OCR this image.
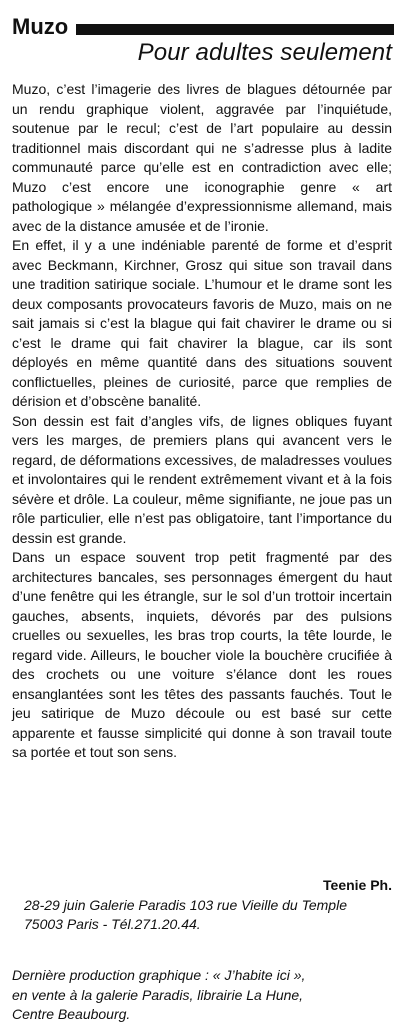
Muzo
Pour adultes seulement

Muzo, c’est l’imagerie des livres de blagues détournée par un rendu graphique violent, aggravée par l’inquiétude, soutenue par le recul; c’est de l’art populaire au dessin traditionnel mais discordant qui ne s’adresse plus à ladite communauté parce qu’elle est en contradiction avec elle; Muzo c’est encore une iconographie genre « art pathologique » mélangée d’expressionnisme allemand, mais avec de la distance amusée et de l’ironie.

En effet, il y a une indéniable parenté de forme et d’esprit avec Beckmann, Kirchner, Grosz qui situe son travail dans une tradition satirique sociale. L’humour et le drame sont les deux composants provocateurs favoris de Muzo, mais on ne sait jamais si c’est la blague qui fait chavirer le drame ou si c’est le drame qui fait chavirer la blague, car ils sont déployés en même quantité dans des situations souvent conflictuelles, pleines de curiosité, parce que remplies de dérision et d’obscène banalité.

Son dessin est fait d’angles vifs, de lignes obliques fuyant vers les marges, de premiers plans qui avancent vers le regard, de déformations excessives, de maladresses voulues et involontaires qui le rendent extrêmement vivant et à la fois sévère et drôle. La couleur, même signifiante, ne joue pas un rôle particulier, elle n’est pas obligatoire, tant l’importance du dessin est grande.

Dans un espace souvent trop petit fragmenté par des architectures bancales, ses personnages émergent du haut d’une fenêtre qui les étrangle, sur le sol d’un trottoir incertain gauches, absents, inquiets, dévorés par des pulsions cruelles ou sexuelles, les bras trop courts, la tête lourde, le regard vide. Ailleurs, le boucher viole la bouchère crucifiée à des crochets ou une voiture s’élance dont les roues ensanglantées sont les têtes des passants fauchés. Tout le jeu satirique de Muzo découle ou est basé sur cette apparente et fausse simplicité qui donne à son travail toute sa portée et tout son sens.

Teenie Ph.
28-29 juin Galerie Paradis 103 rue Vieille du Temple
75003 Paris - Tél.271.20.44.
Dernière production graphique : « J’habite ici »,
en vente à la galerie Paradis, librairie La Hune,
Centre Beaubourg.
